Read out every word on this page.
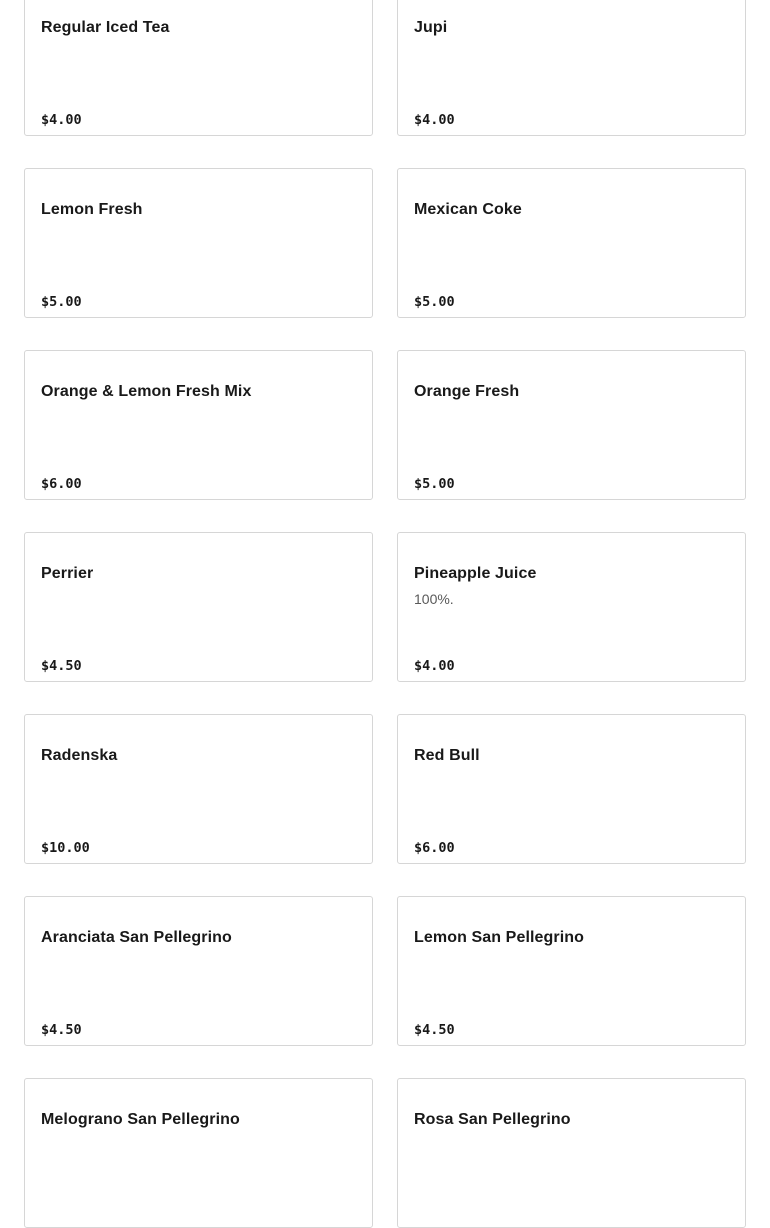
Regular Iced Tea
$4.00
Jupi
$4.00
Lemon Fresh
$5.00
Mexican Coke
$5.00
Orange & Lemon Fresh Mix
$6.00
Orange Fresh
$5.00
Perrier
$4.50
Pineapple Juice
100%.
$4.00
Radenska
$10.00
Red Bull
$6.00
Aranciata San Pellegrino
$4.50
Lemon San Pellegrino
$4.50
Melograno San Pellegrino	Rosa San Pellegrino
